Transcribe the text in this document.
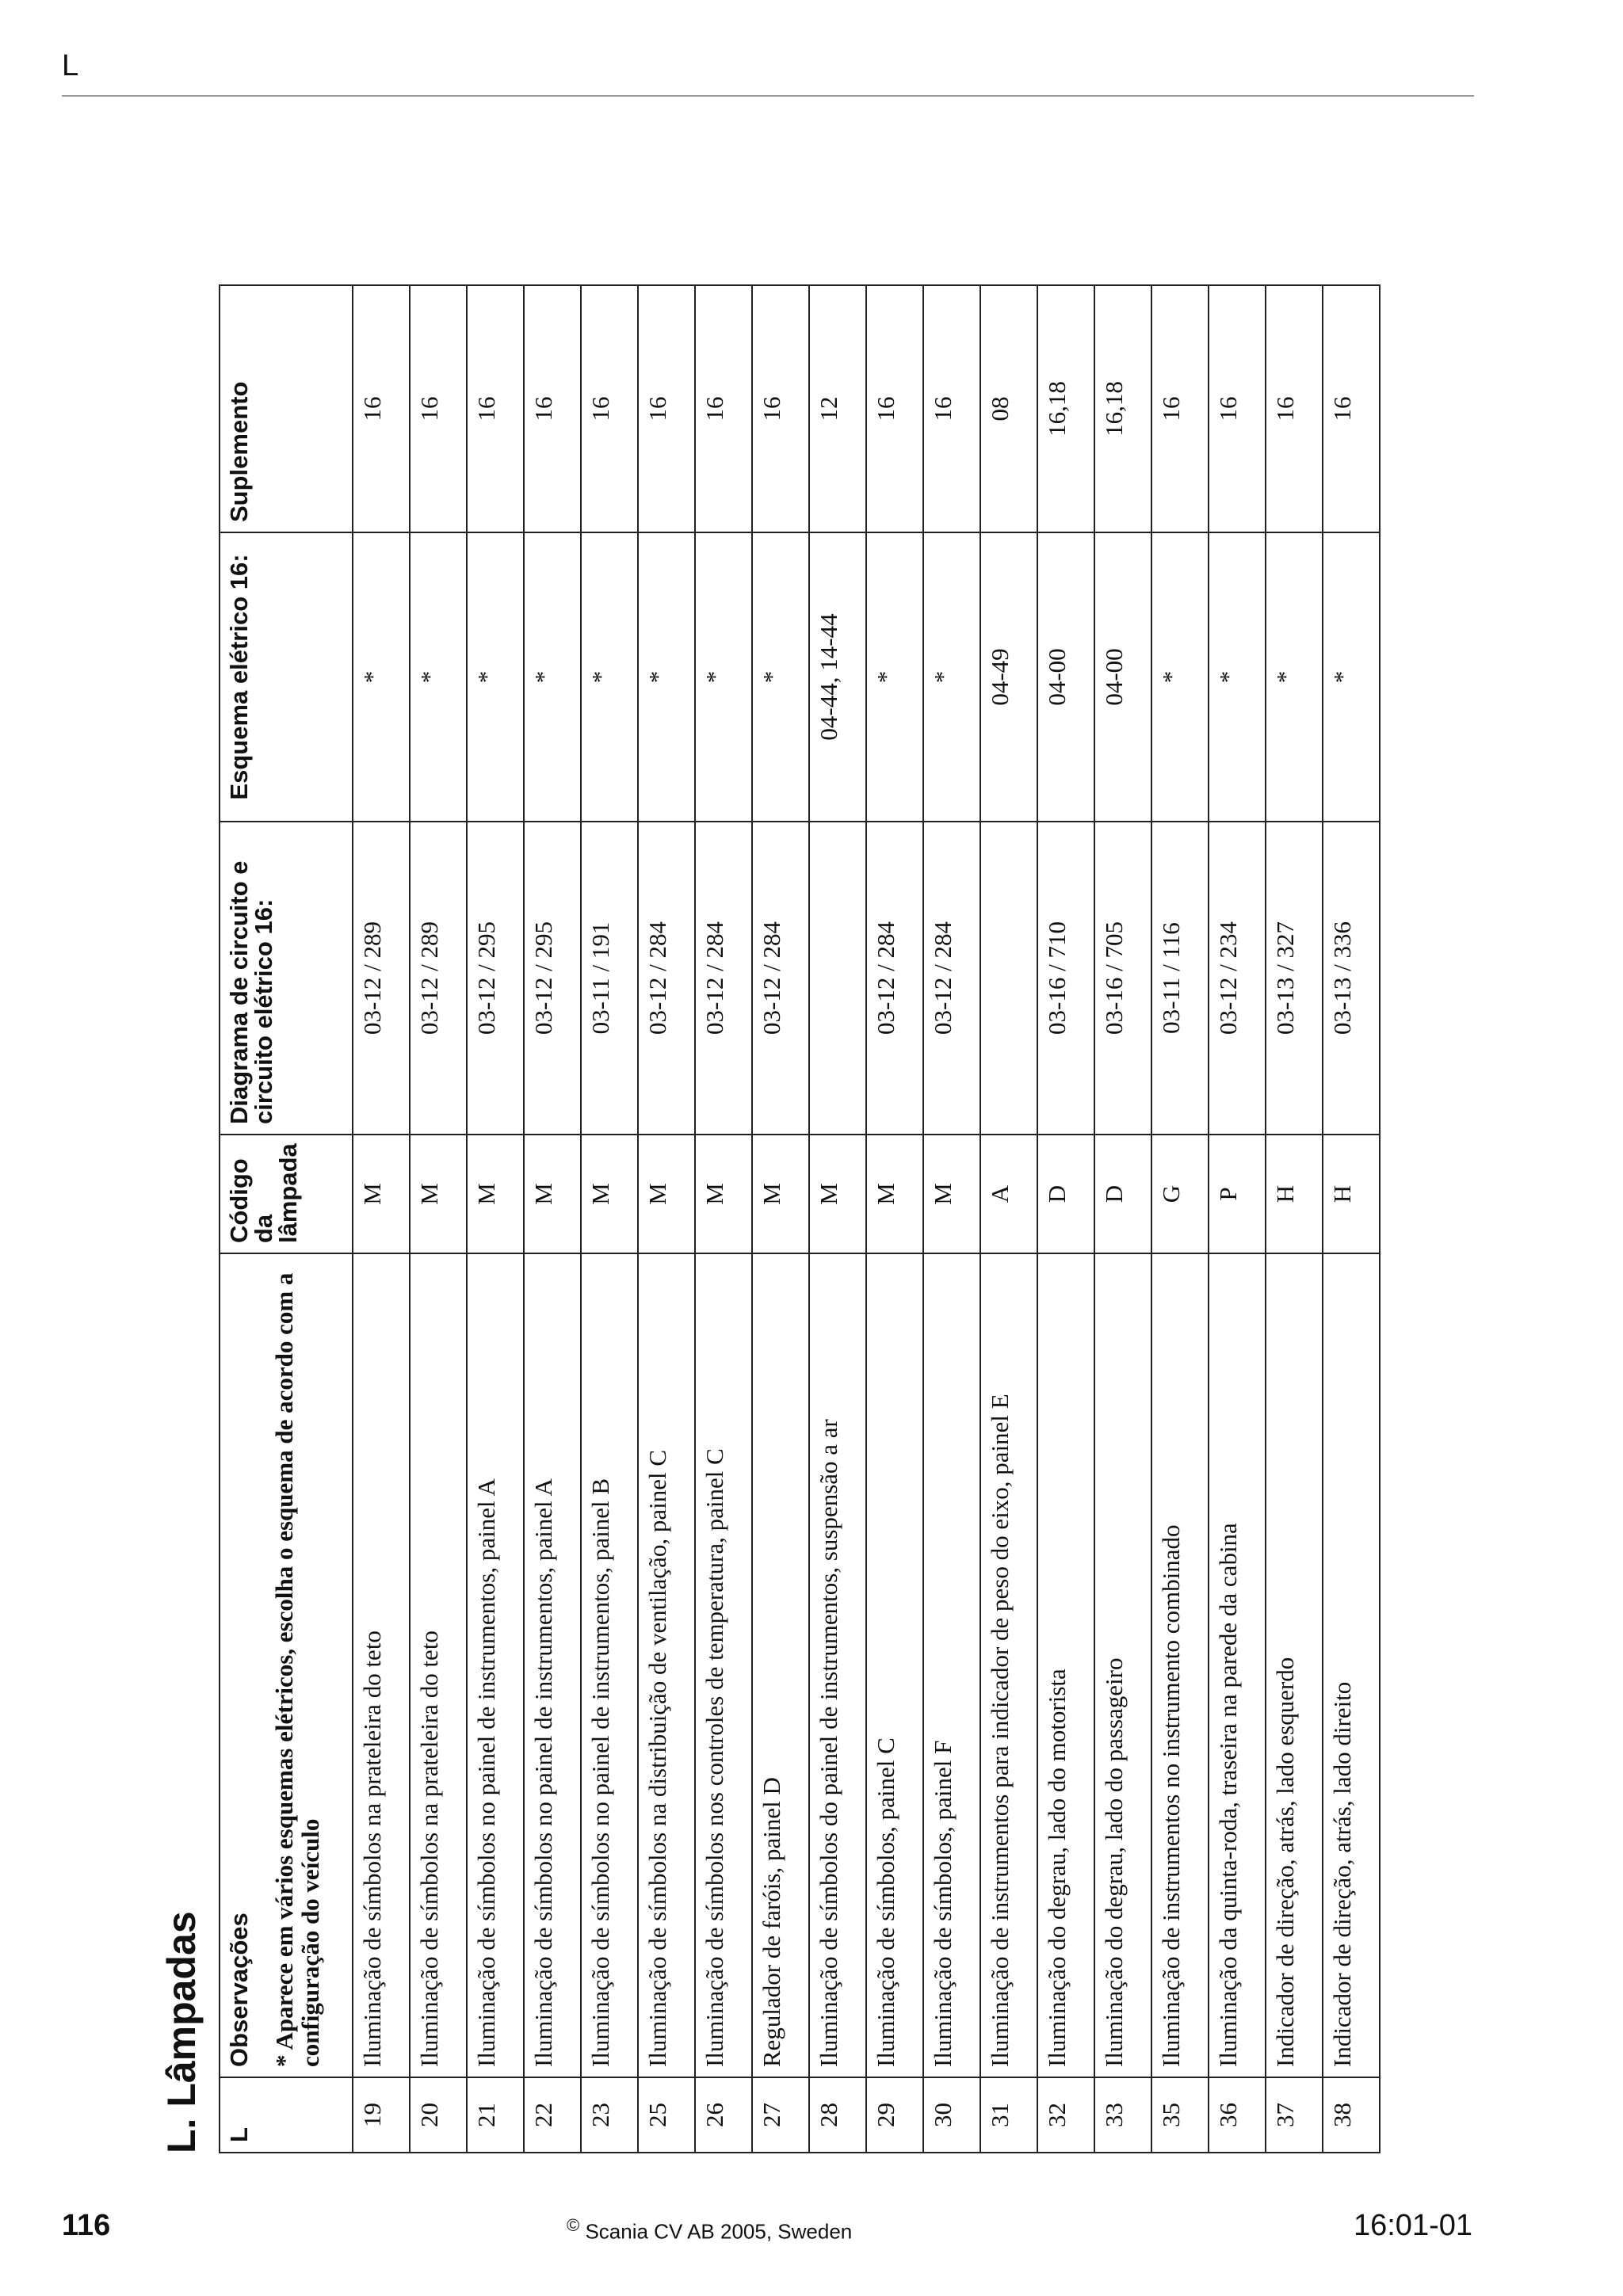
L
L. Lâmpadas L	Observações * Aparece em vários esquemas elétricos, escolha o esquema de acordo com a configuração do veículo	Código da lâmpada	Diagrama de circuito e circuito elétrico 16:	Esquema elétrico 16:	Suplemento
19	Iluminação de símbolos na prateleira do teto	M	03-12 / 289	*	16
20	Iluminação de símbolos na prateleira do teto	M	03-12 / 289	*	16
21	Iluminação de símbolos no painel de instrumentos, painel A	M	03-12 / 295	*	16
22	Iluminação de símbolos no painel de instrumentos, painel A	M	03-12 / 295	*	16
23	Iluminação de símbolos no painel de instrumentos, painel B	M	03-11 / 191	*	16
25	Iluminação de símbolos na distribuição de ventilação, painel C	M	03-12 / 284	*	16
26	Iluminação de símbolos nos controles de temperatura, painel C	M	03-12 / 284	*	16
27	Regulador de faróis, painel D	M	03-12 / 284	*	16
28	Iluminação de símbolos do painel de instrumentos, suspensão a ar	M		04-44, 14-44	12
29	Iluminação de símbolos, painel C	M	03-12 / 284	*	16
30	Iluminação de símbolos, painel F	M	03-12 / 284	*	16
31	Iluminação de instrumentos para indicador de peso do eixo, painel E	A		04-49	08
32	Iluminação do degrau, lado do motorista	D	03-16 / 710	04-00	16,18
33	Iluminação do degrau, lado do passageiro	D	03-16 / 705	04-00	16,18
35	Iluminação de instrumentos no instrumento combinado	G	03-11 / 116	*	16
36	Iluminação da quinta-roda, traseira na parede da cabina	P	03-12 / 234	*	16
37	Indicador de direção, atrás, lado esquerdo	H	03-13 / 327	*	16
38	Indicador de direção, atrás, lado direito	H	03-13 / 336	*	16
116	© Scania CV AB 2005, Sweden	16:01-01
